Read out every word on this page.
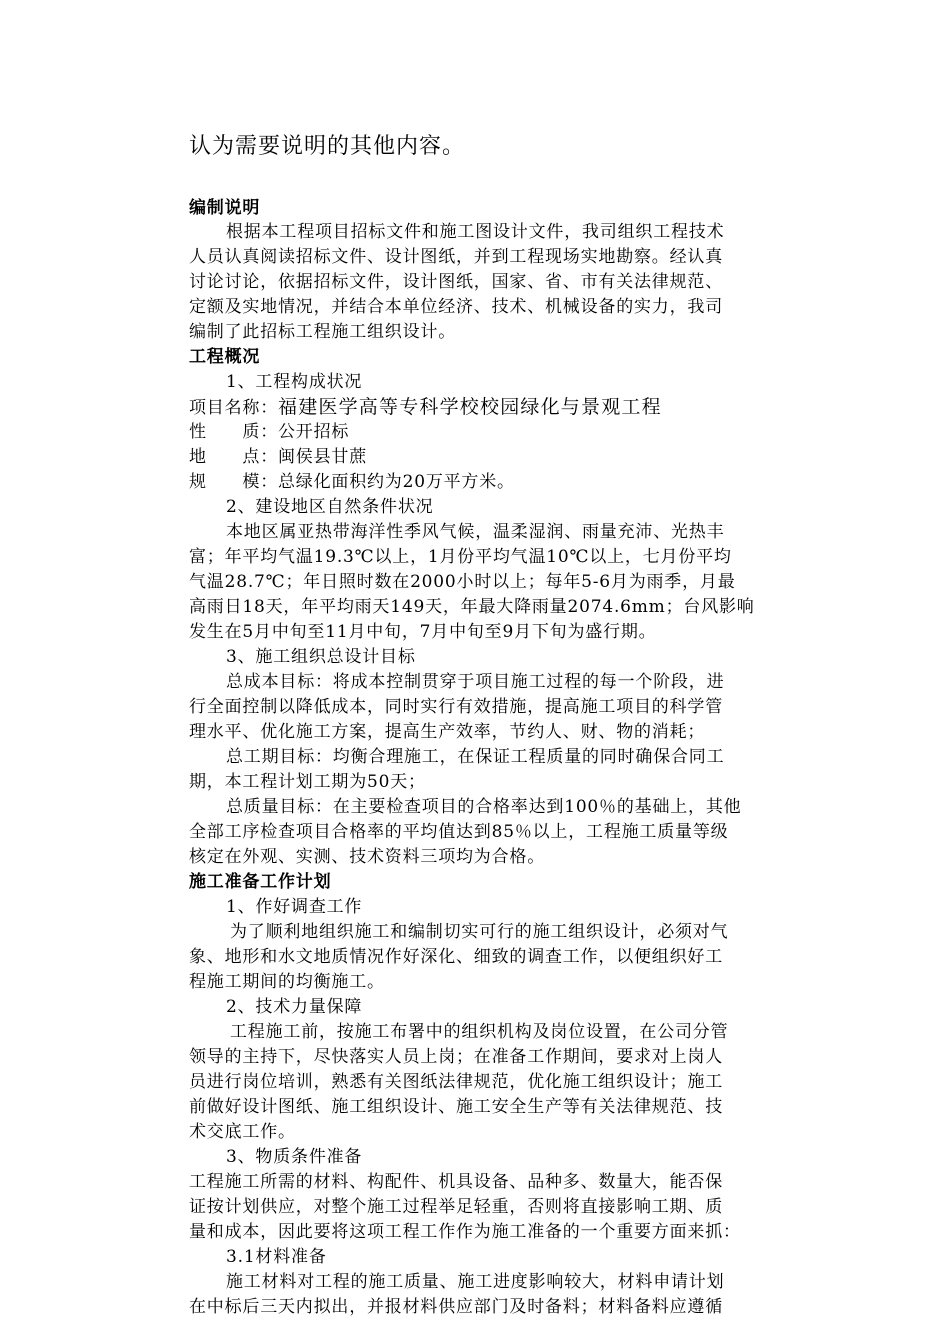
认为需要说明的其他内容。
编制说明
根据本工程项目招标文件和施工图设计文件，我司组织工程技术
人员认真阅读招标文件、设计图纸，并到工程现场实地勘察。经认真
讨论讨论，依据招标文件，设计图纸，国家、省、市有关法律规范、
定额及实地情况，并结合本单位经济、技术、机械设备的实力，我司
编制了此招标工程施工组织设计。
工程概况
1、工程构成状况
项目名称：福建医学高等专科学校校园绿化与景观工程
性　　质：公开招标
地　　点：闽侯县甘蔗
规　　模：总绿化面积约为20万平方米。
2、建设地区自然条件状况
本地区属亚热带海洋性季风气候，温柔湿润、雨量充沛、光热丰
富；年平均气温19.3℃以上，1月份平均气温10℃以上，七月份平均
气温28.7℃；年日照时数在2000小时以上；每年5-6月为雨季，月最
高雨日18天，年平均雨天149天，年最大降雨量2074.6mm；台风影响
发生在5月中旬至11月中旬，7月中旬至9月下旬为盛行期。
3、施工组织总设计目标
总成本目标：将成本控制贯穿于项目施工过程的每一个阶段，进
行全面控制以降低成本，同时实行有效措施，提高施工项目的科学管
理水平、优化施工方案，提高生产效率，节约人、财、物的消耗；
总工期目标：均衡合理施工，在保证工程质量的同时确保合同工
期，本工程计划工期为50天；
总质量目标：在主要检查项目的合格率达到100％的基础上，其他
全部工序检查项目合格率的平均值达到85％以上，工程施工质量等级
核定在外观、实测、技术资料三项均为合格。
施工准备工作计划
1、作好调查工作
为了顺利地组织施工和编制切实可行的施工组织设计，必须对气
象、地形和水文地质情况作好深化、细致的调查工作，以便组织好工
程施工期间的均衡施工。
2、技术力量保障
工程施工前，按施工布署中的组织机构及岗位设置，在公司分管
领导的主持下，尽快落实人员上岗；在准备工作期间，要求对上岗人
员进行岗位培训，熟悉有关图纸法律规范，优化施工组织设计；施工
前做好设计图纸、施工组织设计、施工安全生产等有关法律规范、技
术交底工作。
3、物质条件准备
工程施工所需的材料、构配件、机具设备、品种多、数量大，能否保
证按计划供应，对整个施工过程举足轻重，否则将直接影响工期、质
量和成本，因此要将这项工程工作作为施工准备的一个重要方面来抓：
3.1材料准备
施工材料对工程的施工质量、施工进度影响较大，材料申请计划
在中标后三天内拟出，并报材料供应部门及时备料；材料备料应遵循
